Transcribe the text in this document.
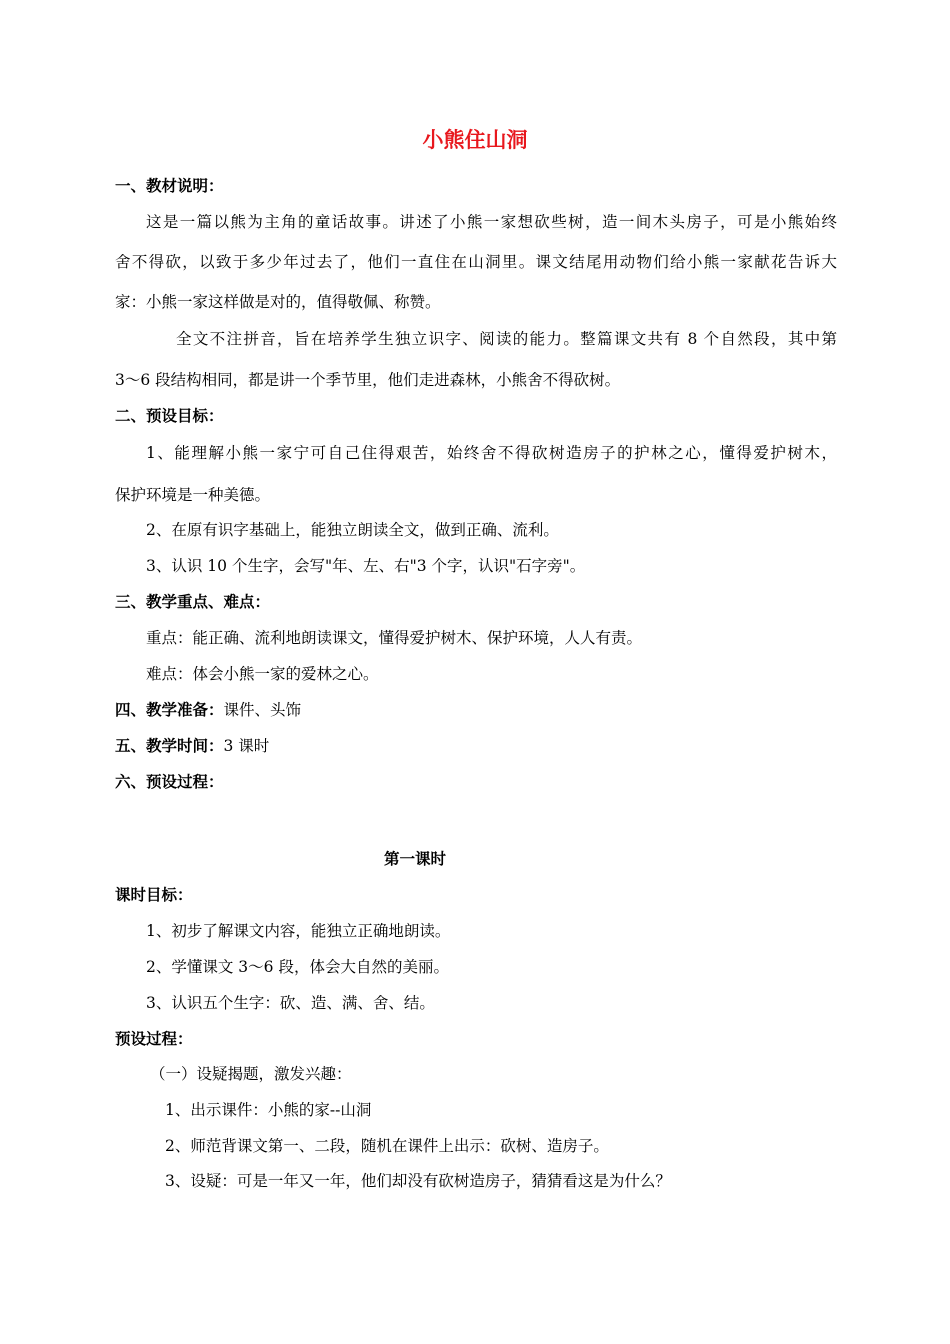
小熊住山洞
一、教材说明：
这是一篇以熊为主角的童话故事。讲述了小熊一家想砍些树，造一间木头房子，可是小熊始终
舍不得砍，以致于多少年过去了，他们一直住在山洞里。课文结尾用动物们给小熊一家献花告诉大
家：小熊一家这样做是对的，值得敬佩、称赞。
全文不注拼音，旨在培养学生独立识字、阅读的能力。整篇课文共有 8 个自然段，其中第
3～6 段结构相同，都是讲一个季节里，他们走进森林，小熊舍不得砍树。
二、预设目标：
1、能理解小熊一家宁可自己住得艰苦，始终舍不得砍树造房子的护林之心，懂得爱护树木，
保护环境是一种美德。
2、在原有识字基础上，能独立朗读全文，做到正确、流利。
3、认识 10 个生字，会写"年、左、右"3 个字，认识"石字旁"。
三、教学重点、难点：
重点：能正确、流利地朗读课文，懂得爱护树木、保护环境，人人有责。
难点：体会小熊一家的爱林之心。
四、教学准备：课件、头饰
五、教学时间：3 课时
六、预设过程：
第一课时
课时目标：
1、初步了解课文内容，能独立正确地朗读。
2、学懂课文 3～6 段，体会大自然的美丽。
3、认识五个生字：砍、造、满、舍、结。
预设过程：
（一）设疑揭题，激发兴趣：
1、出示课件：小熊的家--山洞
2、师范背课文第一、二段，随机在课件上出示：砍树、造房子。
3、设疑：可是一年又一年，他们却没有砍树造房子，猜猜看这是为什么？
